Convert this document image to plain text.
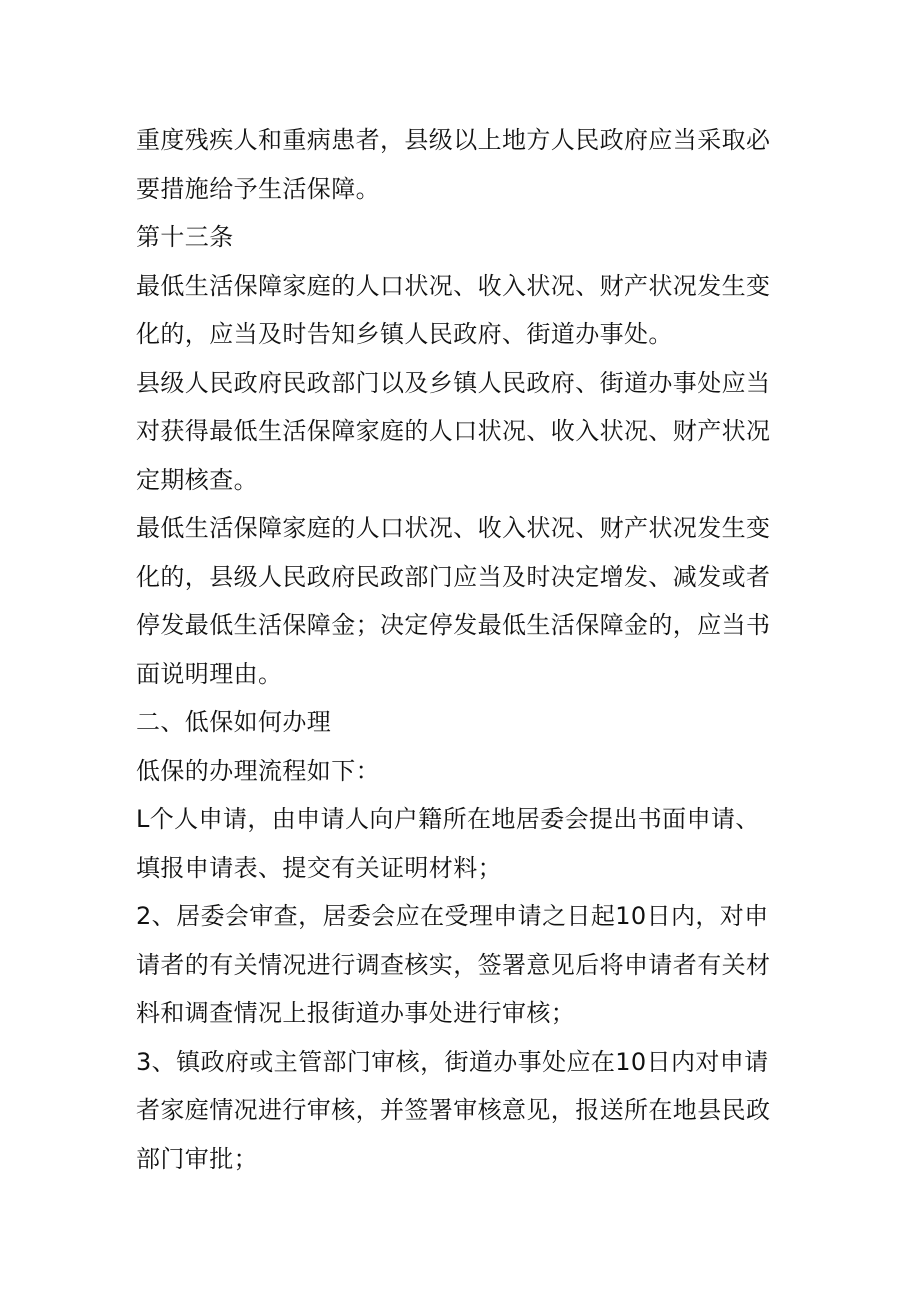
重度残疾人和重病患者，县级以上地方人民政府应当采取必
要措施给予生活保障。
第十三条
最低生活保障家庭的人口状况、收入状况、财产状况发生变
化的，应当及时告知乡镇人民政府、街道办事处。
县级人民政府民政部门以及乡镇人民政府、街道办事处应当
对获得最低生活保障家庭的人口状况、收入状况、财产状况
定期核查。
最低生活保障家庭的人口状况、收入状况、财产状况发生变
化的，县级人民政府民政部门应当及时决定增发、减发或者
停发最低生活保障金；决定停发最低生活保障金的，应当书
面说明理由。
二、低保如何办理
低保的办理流程如下：
L个人申请，由申请人向户籍所在地居委会提出书面申请、
填报申请表、提交有关证明材料；
2、居委会审查，居委会应在受理申请之日起10日内，对申
请者的有关情况进行调查核实，签署意见后将申请者有关材
料和调查情况上报街道办事处进行审核；
3、镇政府或主管部门审核，街道办事处应在10日内对申请
者家庭情况进行审核，并签署审核意见，报送所在地县民政
部门审批；
